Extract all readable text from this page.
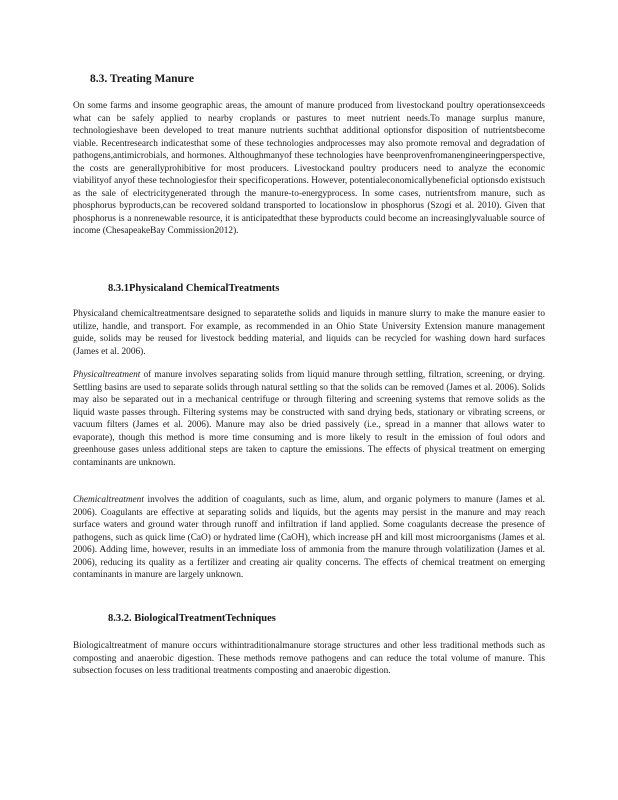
8.3. Treating Manure

On some farms and insome geographic areas, the amount of manure produced from livestockand poultry operationsexceeds what can be safely applied to nearby croplands or pastures to meet nutrient needs.To manage surplus manure, technologieshave been developed to treat manure nutrients suchthat additional optionsfor disposition of nutrientsbecome viable. Recentresearch indicatesthat some of these technologies andprocesses may also promote removal and degradation of pathogens,antimicrobials, and hormones. Althoughmanyof these technologies have beenprovenfromanengineeringperspective, the costs are generallyprohibitive for most producers. Livestockand poultry producers need to analyze the economic viabilityof anyof these technologiesfor their specificoperations. However, potentialeconomicallybeneficial optionsdo existsuch as the sale of electricitygenerated through the manure-to-energyprocess. In some cases, nutrientsfrom manure, such as phosphorus byproducts,can be recovered soldand transported to locationslow in phosphorus (Szogi et al. 2010). Given that phosphorus is a nonrenewable resource, it is anticipatedthat these byproducts could become an increasinglyvaluable source of income (ChesapeakeBay Commission2012).

8.3.1Physicaland ChemicalTreatments

Physicaland chemicaltreatmentsare designed to separatethe solids and liquids in manure slurry to make the manure easier to utilize, handle, and transport. For example, as recommended in an Ohio State University Extension manure management guide, solids may be reused for livestock bedding material, and liquids can be recycled for washing down hard surfaces (James et al. 2006).

Physicaltreatment of manure involves separating solids from liquid manure through settling, filtration, screening, or drying. Settling basins are used to separate solids through natural settling so that the solids can be removed (James et al. 2006). Solids may also be separated out in a mechanical centrifuge or through filtering and screening systems that remove solids as the liquid waste passes through. Filtering systems may be constructed with sand drying beds, stationary or vibrating screens, or vacuum filters (James et al. 2006). Manure may also be dried passively (i.e., spread in a manner that allows water to evaporate), though this method is more time consuming and is more likely to result in the emission of foul odors and greenhouse gases unless additional steps are taken to capture the emissions. The effects of physical treatment on emerging contaminants are unknown.

Chemicaltreatment involves the addition of coagulants, such as lime, alum, and organic polymers to manure (James et al. 2006). Coagulants are effective at separating solids and liquids, but the agents may persist in the manure and may reach surface waters and ground water through runoff and infiltration if land applied. Some coagulants decrease the presence of pathogens, such as quick lime (CaO) or hydrated lime (CaOH), which increase pH and kill most microorganisms (James et al. 2006). Adding lime, however, results in an immediate loss of ammonia from the manure through volatilization (James et al. 2006), reducing its quality as a fertilizer and creating air quality concerns. The effects of chemical treatment on emerging contaminants in manure are largely unknown.

8.3.2. BiologicalTreatmentTechniques

Biologicaltreatment of manure occurs withintraditionalmanure storage structures and other less traditional methods such as composting and anaerobic digestion. These methods remove pathogens and can reduce the total volume of manure. This subsection focuses on less traditional treatments composting and anaerobic digestion.
